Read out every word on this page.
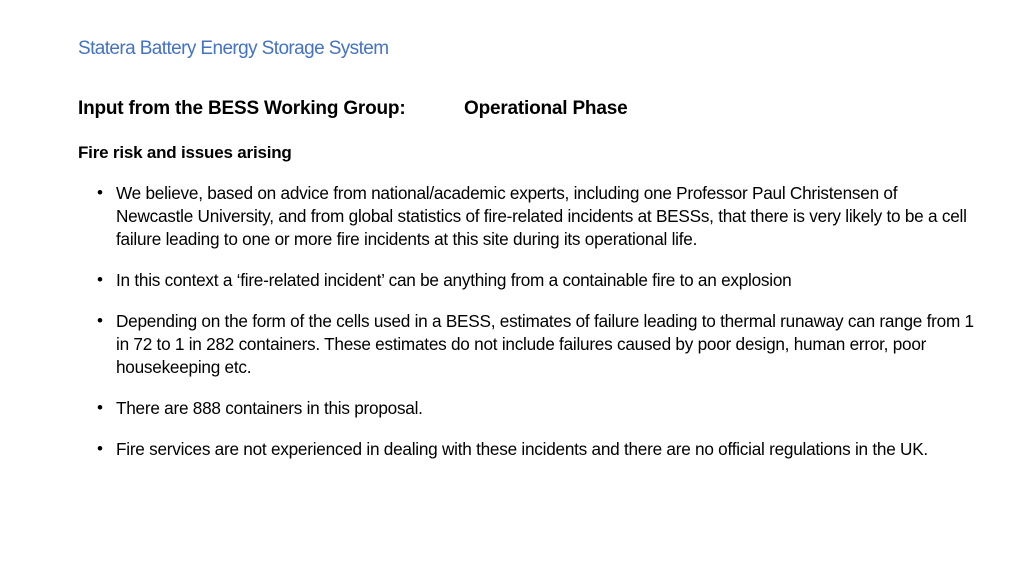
Statera Battery Energy Storage System
Input from the BESS Working Group:	Operational Phase
Fire risk and issues arising
• We believe, based on advice from national/academic experts, including one Professor Paul Christensen of Newcastle University, and from global statistics of fire-related incidents at BESSs, that there is very likely to be a cell failure leading to one or more fire incidents at this site during its operational life.
• In this context a ‘fire-related incident’ can be anything from a containable fire to an explosion
• Depending on the form of the cells used in a BESS, estimates of failure leading to thermal runaway can range from 1 in 72 to 1 in 282 containers. These estimates do not include failures caused by poor design, human error, poor housekeeping etc.
• There are 888 containers in this proposal.
• Fire services are not experienced in dealing with these incidents and there are no official regulations in the UK.
